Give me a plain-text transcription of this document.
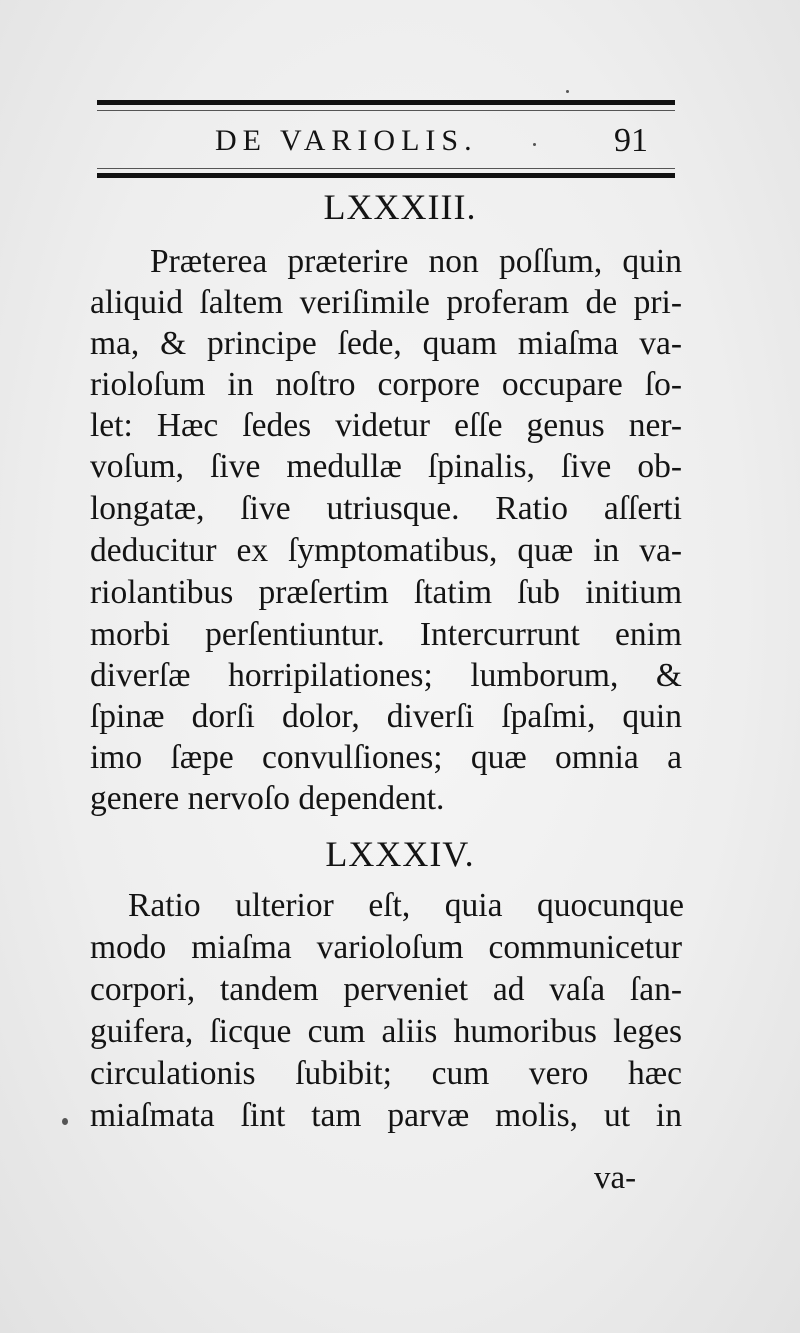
DE VARIOLIS.	91
LXXXIII.
Præterea præterire non poſſum, quin
aliquid ſaltem veriſimile proferam de pri-
ma, & principe ſede, quam miaſma va-
rioloſum in noſtro corpore occupare ſo-
let: Hæc ſedes videtur eſſe genus ner-
voſum, ſive medullæ ſpinalis, ſive ob-
longatæ, ſive utriusque. Ratio aſſerti
deducitur ex ſymptomatibus, quæ in va-
riolantibus præſertim ſtatim ſub initium
morbi perſentiuntur. Intercurrunt enim
diverſæ horripilationes; lumborum, &
ſpinæ dorſi dolor, diverſi ſpaſmi, quin
imo ſæpe convulſiones; quæ omnia a
genere nervoſo dependent.
LXXXIV.
Ratio ulterior eſt, quia quocunque
modo miaſma varioloſum communicetur
corpori, tandem perveniet ad vaſa ſan-
guifera, ſicque cum aliis humoribus leges
circulationis ſubibit; cum vero hæc
miaſmata ſint tam parvæ molis, ut in
va-
